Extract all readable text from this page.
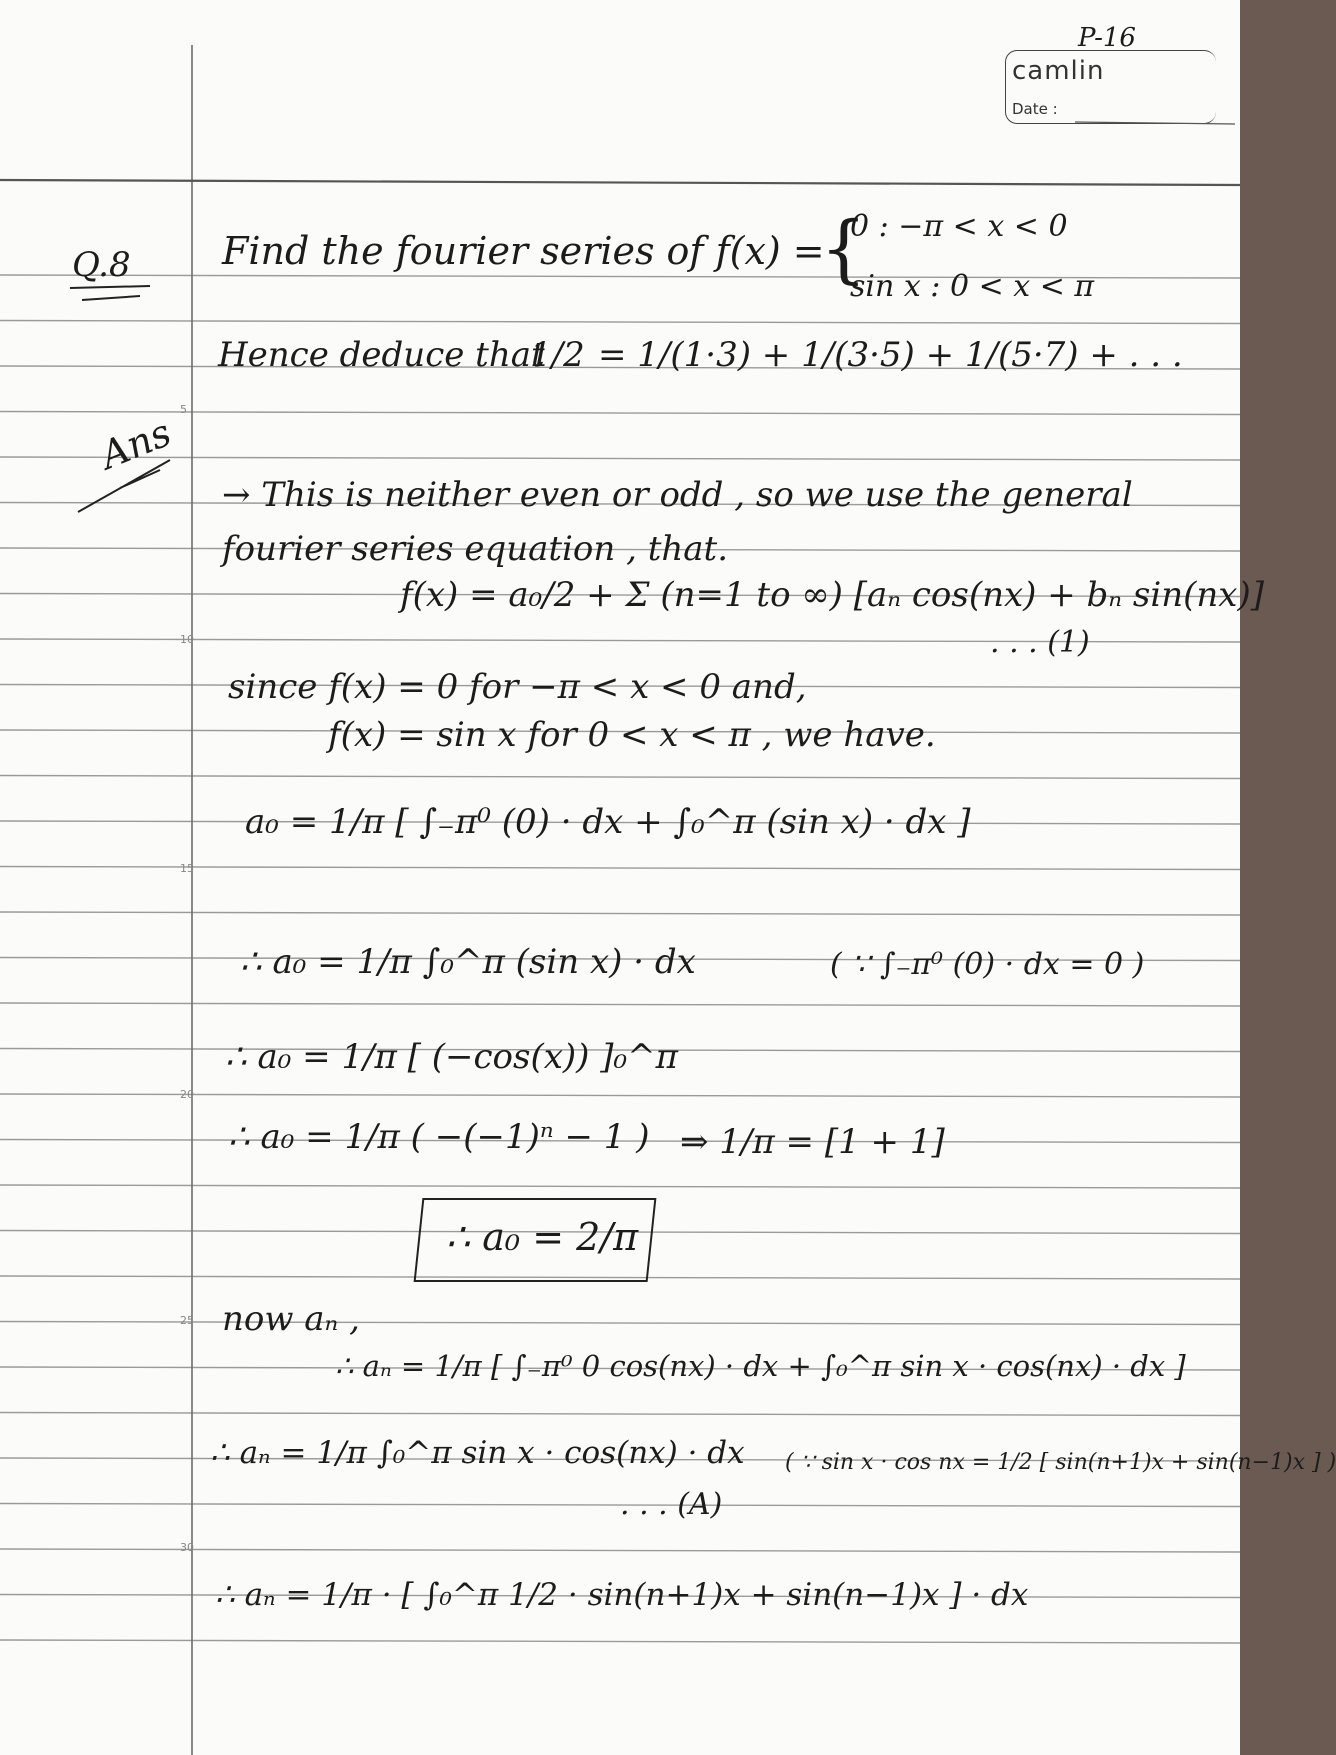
5
10
15
20
25
30
P-16
camlin
Date :
Q.8 Find the fourier series of f(x) =
{
0 : −π < x < 0
sin x : 0 < x < π
Hence deduce that
1/2 = 1/(1·3) + 1/(3·5) + 1/(5·7) + . . .
Ans
→ This is neither even or odd , so we use the general
fourier series equation , that.
f(x) = a₀/2 + Σ (n=1 to ∞) [aₙ cos(nx) + bₙ sin(nx)]
. . . (1)
since f(x) = 0 for −π < x < 0 and,
f(x) = sin x for 0 < x < π , we have.
a₀ = 1/π [ ∫₋π⁰ (0) · dx + ∫₀^π (sin x) · dx ]
∴ a₀ = 1/π ∫₀^π (sin x) · dx	( ∵ ∫₋π⁰ (0) · dx = 0 )
∴ a₀ = 1/π [ (−cos(x)) ]₀^π
∴ a₀ = 1/π ( −(−1)ⁿ − 1 ) ⇒ 1/π = [1 + 1]
∴ a₀ = 2/π
now aₙ ,
∴ aₙ = 1/π [ ∫₋π⁰ 0 cos(nx) · dx + ∫₀^π sin x · cos(nx) · dx ]
∴ aₙ = 1/π ∫₀^π sin x · cos(nx) · dx
. . . (A)
( ∵ sin x · cos nx = 1/2 [ sin(n+1)x + sin(n−1)x ] )
∴ aₙ = 1/π · [ ∫₀^π 1/2 · sin(n+1)x + sin(n−1)x ] · dx
